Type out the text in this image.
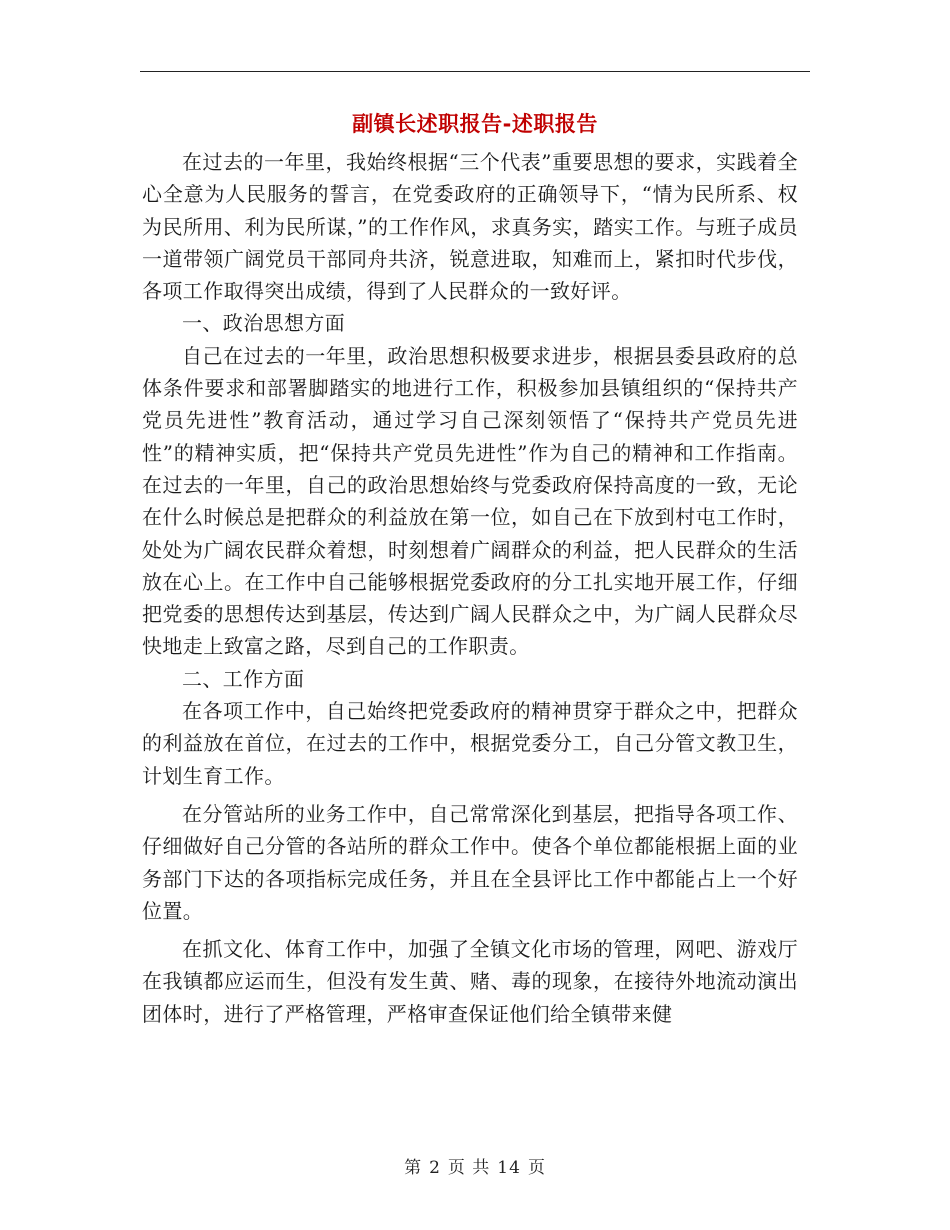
副镇长述职报告-述职报告

在过去的一年里，我始终根据“三个代表”重要思想的要求，实践着全心全意为人民服务的誓言，在党委政府的正确领导下，“情为民所系、权为民所用、利为民所谋，”的工作作风，求真务实，踏实工作。与班子成员一道带领广阔党员干部同舟共济，锐意进取，知难而上，紧扣时代步伐，各项工作取得突出成绩，得到了人民群众的一致好评。

一、政治思想方面

自己在过去的一年里，政治思想积极要求进步，根据县委县政府的总体条件要求和部署脚踏实的地进行工作，积极参加县镇组织的“保持共产党员先进性”教育活动，通过学习自己深刻领悟了“保持共产党员先进性”的精神实质，把“保持共产党员先进性”作为自己的精神和工作指南。在过去的一年里，自己的政治思想始终与党委政府保持高度的一致，无论在什么时候总是把群众的利益放在第一位，如自己在下放到村屯工作时，处处为广阔农民群众着想，时刻想着广阔群众的利益，把人民群众的生活放在心上。在工作中自己能够根据党委政府的分工扎实地开展工作，仔细把党委的思想传达到基层，传达到广阔人民群众之中，为广阔人民群众尽快地走上致富之路，尽到自己的工作职责。

二、工作方面

在各项工作中，自己始终把党委政府的精神贯穿于群众之中，把群众的利益放在首位，在过去的工作中，根据党委分工，自己分管文教卫生，计划生育工作。

在分管站所的业务工作中，自己常常深化到基层，把指导各项工作、仔细做好自己分管的各站所的群众工作中。使各个单位都能根据上面的业务部门下达的各项指标完成任务，并且在全县评比工作中都能占上一个好位置。

在抓文化、体育工作中，加强了全镇文化市场的管理，网吧、游戏厅在我镇都应运而生，但没有发生黄、赌、毒的现象，在接待外地流动演出团体时，进行了严格管理，严格审查保证他们给全镇带来健

第 2 页 共 14 页
